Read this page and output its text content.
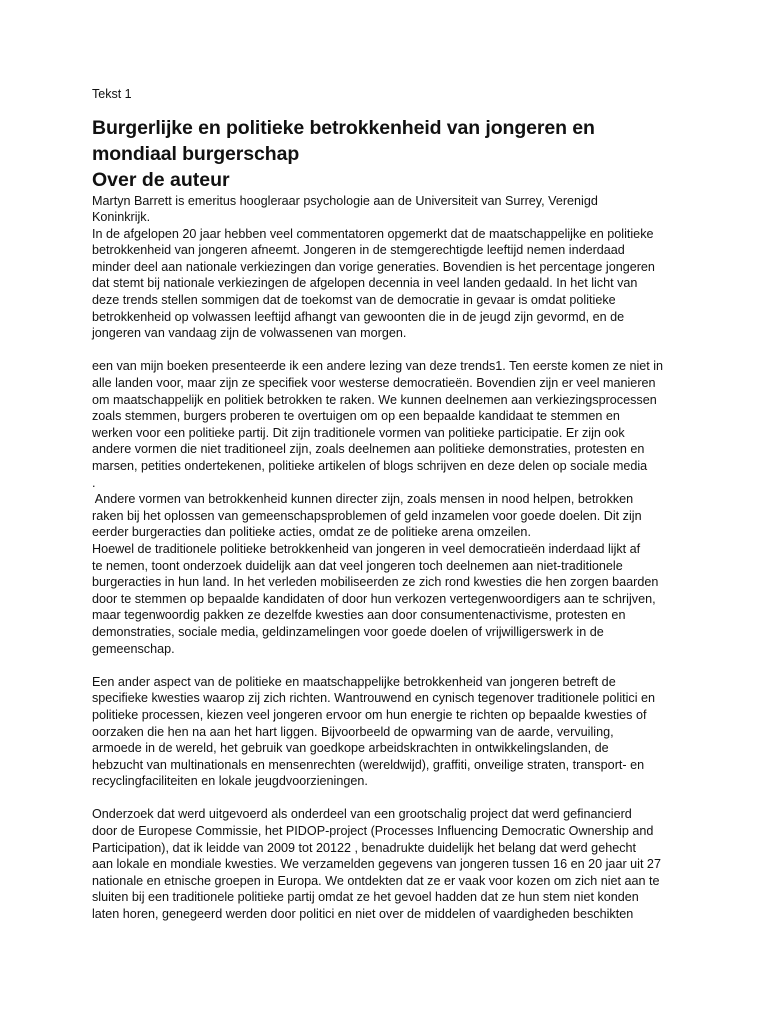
Tekst 1

Burgerlijke en politieke betrokkenheid van jongeren en
mondiaal burgerschap
Over de auteur
Martyn Barrett is emeritus hoogleraar psychologie aan de Universiteit van Surrey, Verenigd
Koninkrijk.
In de afgelopen 20 jaar hebben veel commentatoren opgemerkt dat de maatschappelijke en politieke
betrokkenheid van jongeren afneemt. Jongeren in de stemgerechtigde leeftijd nemen inderdaad
minder deel aan nationale verkiezingen dan vorige generaties. Bovendien is het percentage jongeren
dat stemt bij nationale verkiezingen de afgelopen decennia in veel landen gedaald. In het licht van
deze trends stellen sommigen dat de toekomst van de democratie in gevaar is omdat politieke
betrokkenheid op volwassen leeftijd afhangt van gewoonten die in de jeugd zijn gevormd, en de
jongeren van vandaag zijn de volwassenen van morgen.
een van mijn boeken presenteerde ik een andere lezing van deze trends1. Ten eerste komen ze niet in
alle landen voor, maar zijn ze specifiek voor westerse democratieën. Bovendien zijn er veel manieren
om maatschappelijk en politiek betrokken te raken. We kunnen deelnemen aan verkiezingsprocessen
zoals stemmen, burgers proberen te overtuigen om op een bepaalde kandidaat te stemmen en
werken voor een politieke partij. Dit zijn traditionele vormen van politieke participatie. Er zijn ook
andere vormen die niet traditioneel zijn, zoals deelnemen aan politieke demonstraties, protesten en
marsen, petities ondertekenen, politieke artikelen of blogs schrijven en deze delen op sociale media
.
Andere vormen van betrokkenheid kunnen directer zijn, zoals mensen in nood helpen, betrokken
raken bij het oplossen van gemeenschapsproblemen of geld inzamelen voor goede doelen. Dit zijn
eerder burgeracties dan politieke acties, omdat ze de politieke arena omzeilen.
Hoewel de traditionele politieke betrokkenheid van jongeren in veel democratieën inderdaad lijkt af
te nemen, toont onderzoek duidelijk aan dat veel jongeren toch deelnemen aan niet-traditionele
burgeracties in hun land. In het verleden mobiliseerden ze zich rond kwesties die hen zorgen baarden
door te stemmen op bepaalde kandidaten of door hun verkozen vertegenwoordigers aan te schrijven,
maar tegenwoordig pakken ze dezelfde kwesties aan door consumentenactivisme, protesten en
demonstraties, sociale media, geldinzamelingen voor goede doelen of vrijwilligerswerk in de
gemeenschap.
Een ander aspect van de politieke en maatschappelijke betrokkenheid van jongeren betreft de
specifieke kwesties waarop zij zich richten. Wantrouwend en cynisch tegenover traditionele politici en
politieke processen, kiezen veel jongeren ervoor om hun energie te richten op bepaalde kwesties of
oorzaken die hen na aan het hart liggen. Bijvoorbeeld de opwarming van de aarde, vervuiling,
armoede in de wereld, het gebruik van goedkope arbeidskrachten in ontwikkelingslanden, de
hebzucht van multinationals en mensenrechten (wereldwijd), graffiti, onveilige straten, transport- en
recyclingfaciliteiten en lokale jeugdvoorzieningen.
Onderzoek dat werd uitgevoerd als onderdeel van een grootschalig project dat werd gefinancierd
door de Europese Commissie, het PIDOP-project (Processes Influencing Democratic Ownership and
Participation), dat ik leidde van 2009 tot 20122 , benadrukte duidelijk het belang dat werd gehecht
aan lokale en mondiale kwesties. We verzamelden gegevens van jongeren tussen 16 en 20 jaar uit 27
nationale en etnische groepen in Europa. We ontdekten dat ze er vaak voor kozen om zich niet aan te
sluiten bij een traditionele politieke partij omdat ze het gevoel hadden dat ze hun stem niet konden
laten horen, genegeerd werden door politici en niet over de middelen of vaardigheden beschikten
